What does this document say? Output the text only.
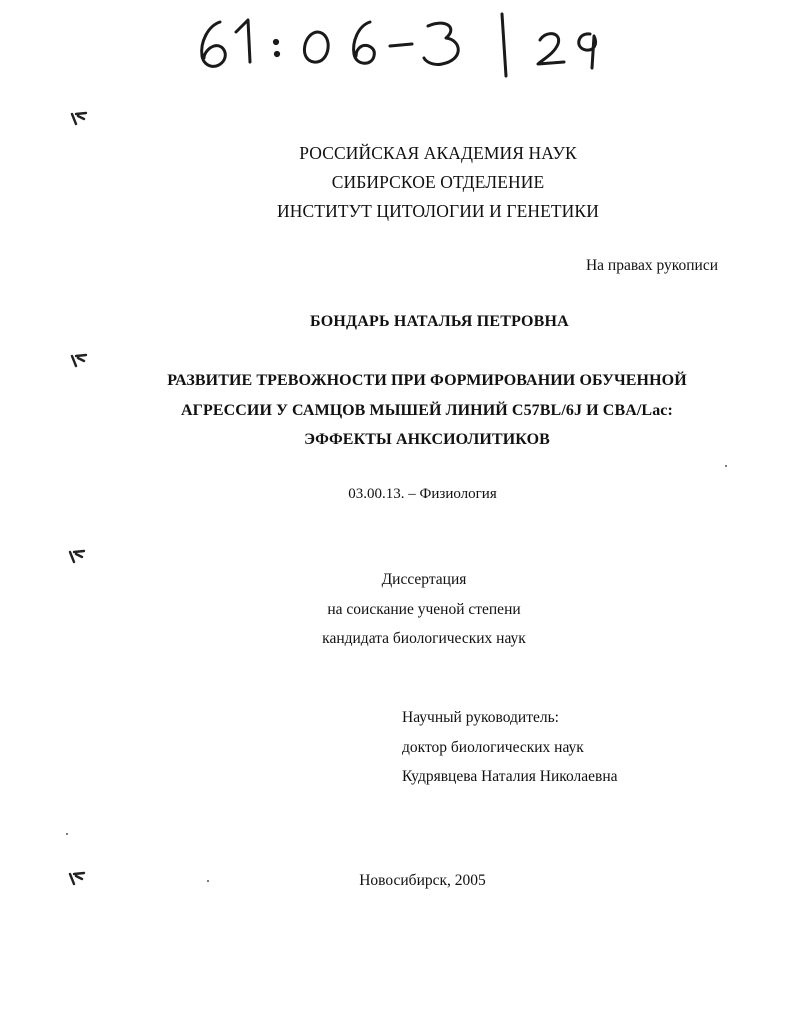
РОССИЙСКАЯ АКАДЕМИЯ НАУК
СИБИРСКОЕ ОТДЕЛЕНИЕ
ИНСТИТУТ ЦИТОЛОГИИ И ГЕНЕТИКИ
На правах рукописи
БОНДАРЬ НАТАЛЬЯ ПЕТРОВНА
РАЗВИТИЕ ТРЕВОЖНОСТИ ПРИ ФОРМИРОВАНИИ ОБУЧЕННОЙ
АГРЕССИИ У САМЦОВ МЫШЕЙ ЛИНИЙ C57BL/6J И CBA/Lac:
ЭФФЕКТЫ АНКСИОЛИТИКОВ
03.00.13. – Физиология
Диссертация
на соискание ученой степени
кандидата биологических наук
Научный руководитель:
доктор биологических наук
Кудрявцева Наталия Николаевна
Новосибирск, 2005
